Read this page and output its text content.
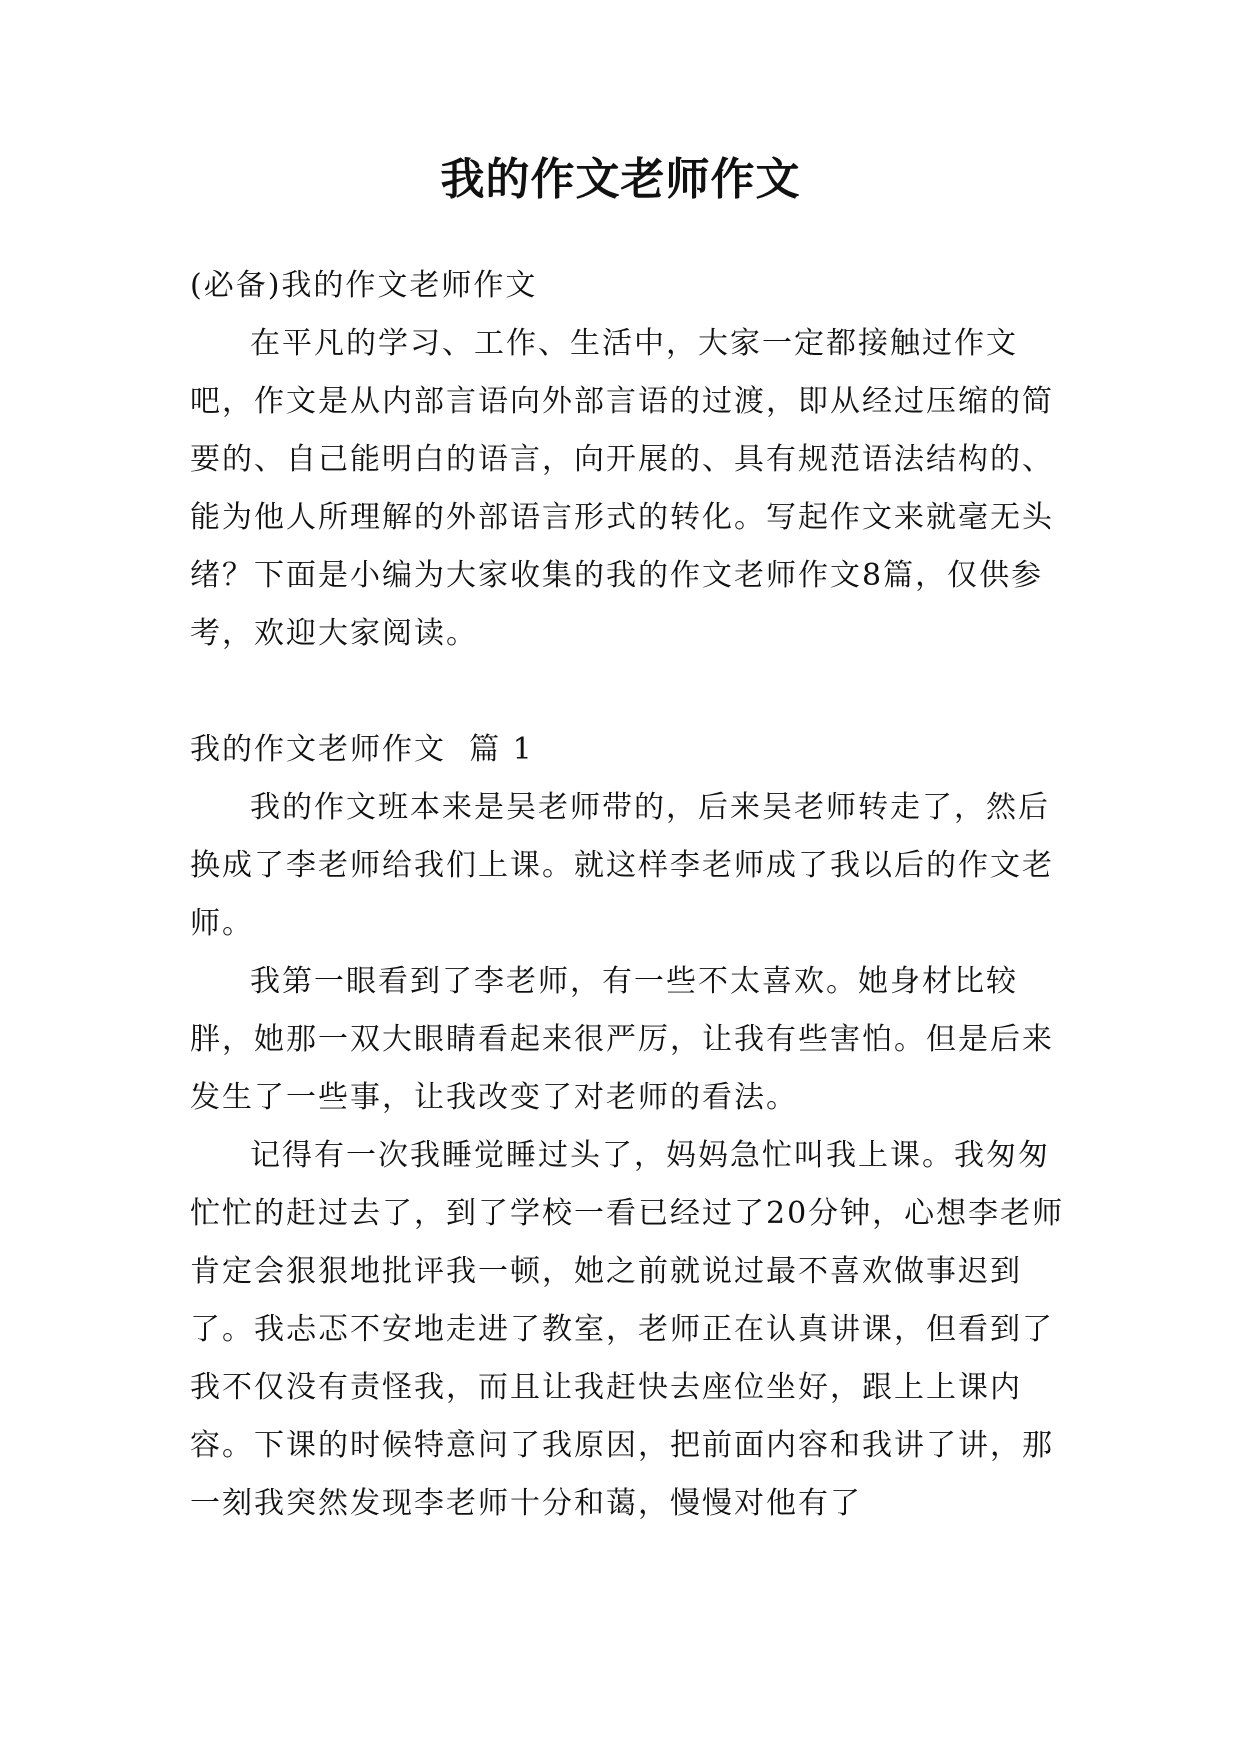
我的作文老师作文

(必备)我的作文老师作文

在平凡的学习、工作、生活中，大家一定都接触过作文吧，作文是从内部言语向外部言语的过渡，即从经过压缩的简要的、自己能明白的语言，向开展的、具有规范语法结构的、能为他人所理解的外部语言形式的转化。写起作文来就毫无头绪？下面是小编为大家收集的我的作文老师作文8篇，仅供参考，欢迎大家阅读。

我的作文老师作文  篇 1

我的作文班本来是吴老师带的，后来吴老师转走了，然后换成了李老师给我们上课。就这样李老师成了我以后的作文老师。

我第一眼看到了李老师，有一些不太喜欢。她身材比较胖，她那一双大眼睛看起来很严厉，让我有些害怕。但是后来发生了一些事，让我改变了对老师的看法。

记得有一次我睡觉睡过头了，妈妈急忙叫我上课。我匆匆忙忙的赶过去了，到了学校一看已经过了20分钟，心想李老师肯定会狠狠地批评我一顿，她之前就说过最不喜欢做事迟到了。我忐忑不安地走进了教室，老师正在认真讲课，但看到了我不仅没有责怪我，而且让我赶快去座位坐好，跟上上课内容。下课的时候特意问了我原因，把前面内容和我讲了讲，那一刻我突然发现李老师十分和蔼，慢慢对他有了
